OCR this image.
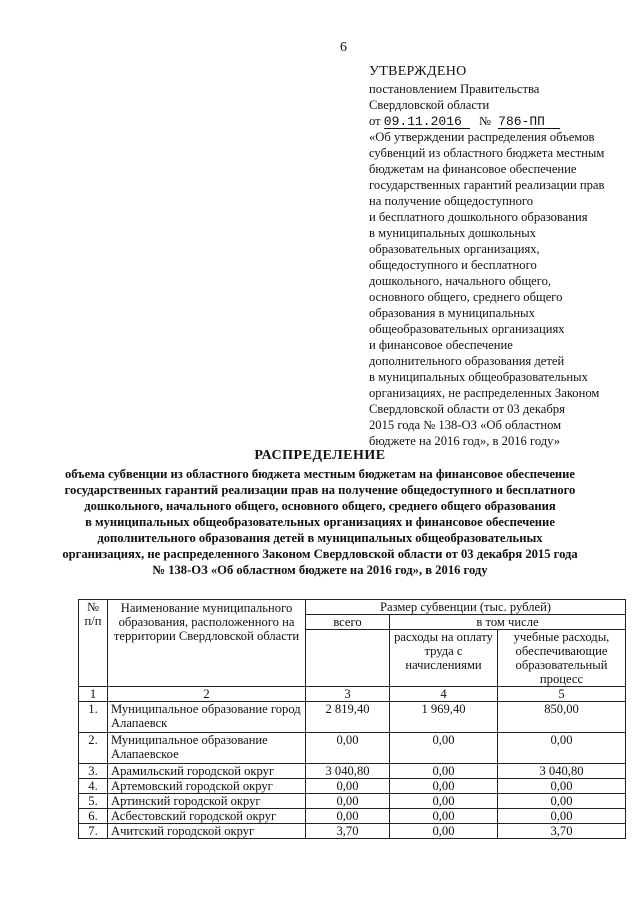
6
УТВЕРЖДЕНО
постановлением Правительства
Свердловской области
от 09.11.2016 № 786-ПП
«Об утверждении распределения объемов
субвенций из областного бюджета местным
бюджетам на финансовое обеспечение
государственных гарантий реализации прав
на получение общедоступного
и бесплатного дошкольного образования
в муниципальных дошкольных
образовательных организациях,
общедоступного и бесплатного
дошкольного, начального общего,
основного общего, среднего общего
образования в муниципальных
общеобразовательных организациях
и финансовое обеспечение
дополнительного образования детей
в муниципальных общеобразовательных
организациях, не распределенных Законом
Свердловской области от 03 декабря
2015 года № 138-ОЗ «Об областном
бюджете на 2016 год», в 2016 году»
РАСПРЕДЕЛЕНИЕ
объема субвенции из областного бюджета местным бюджетам на финансовое обеспечение
государственных гарантий реализации прав на получение общедоступного и бесплатного
дошкольного, начального общего, основного общего, среднего общего образования
в муниципальных общеобразовательных организациях и финансовое обеспечение
дополнительного образования детей в муниципальных общеобразовательных
организациях, не распределенного Законом Свердловской области от 03 декабря 2015 года
№ 138-ОЗ «Об областном бюджете на 2016 год», в 2016 году
№ п/п	Наименование муниципального образования, расположенного на территории Свердловской области	Размер субвенции (тыс. рублей)		
		всего	в том числе	
			расходы на оплату труда с начислениями	учебные расходы, обеспечивающие образовательный процесс
1	2	3	4	5
1.	Муниципальное образование город Алапаевск	2 819,40	1 969,40	850,00
2.	Муниципальное образование Алапаевское	0,00	0,00	0,00
3.	Арамильский городской округ	3 040,80	0,00	3 040,80
4.	Артемовский городской округ	0,00	0,00	0,00
5.	Артинский городской округ	0,00	0,00	0,00
6.	Асбестовский городской округ	0,00	0,00	0,00
7.	Ачитский городской округ	3,70	0,00	3,70
